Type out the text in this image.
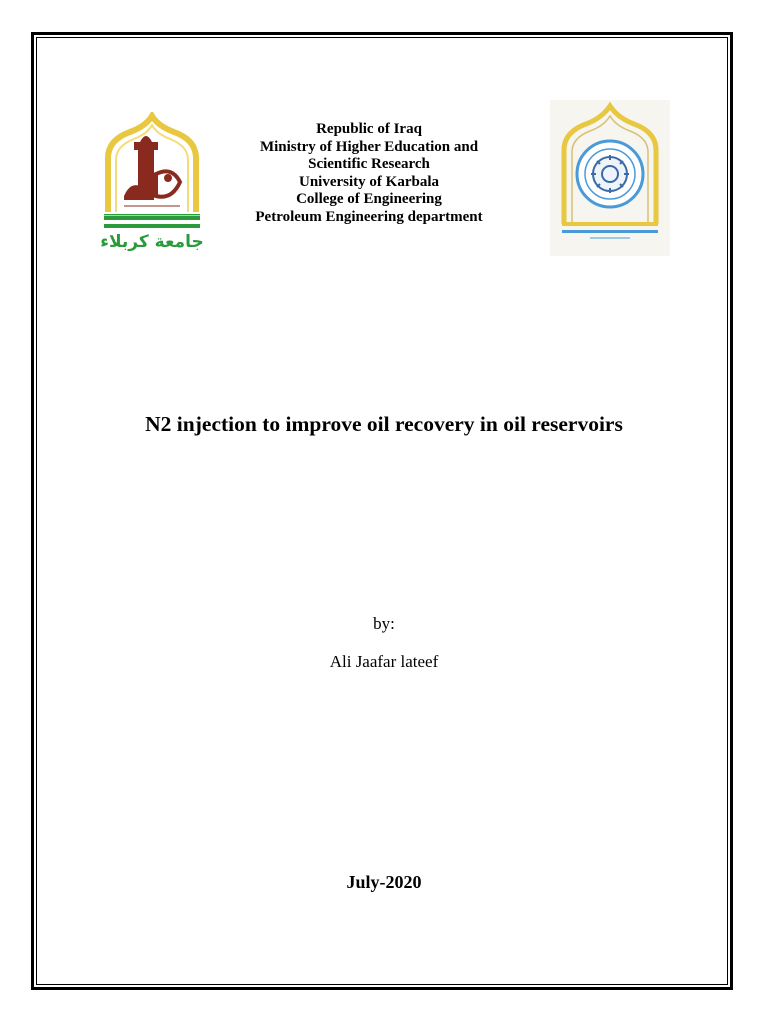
جامعة كربلاء
Republic of Iraq
Ministry of Higher Education and
Scientific Research
University of Karbala
College of Engineering
Petroleum Engineering department
N2 injection to improve oil recovery in oil reservoirs
by:
Ali Jaafar lateef
July-2020
